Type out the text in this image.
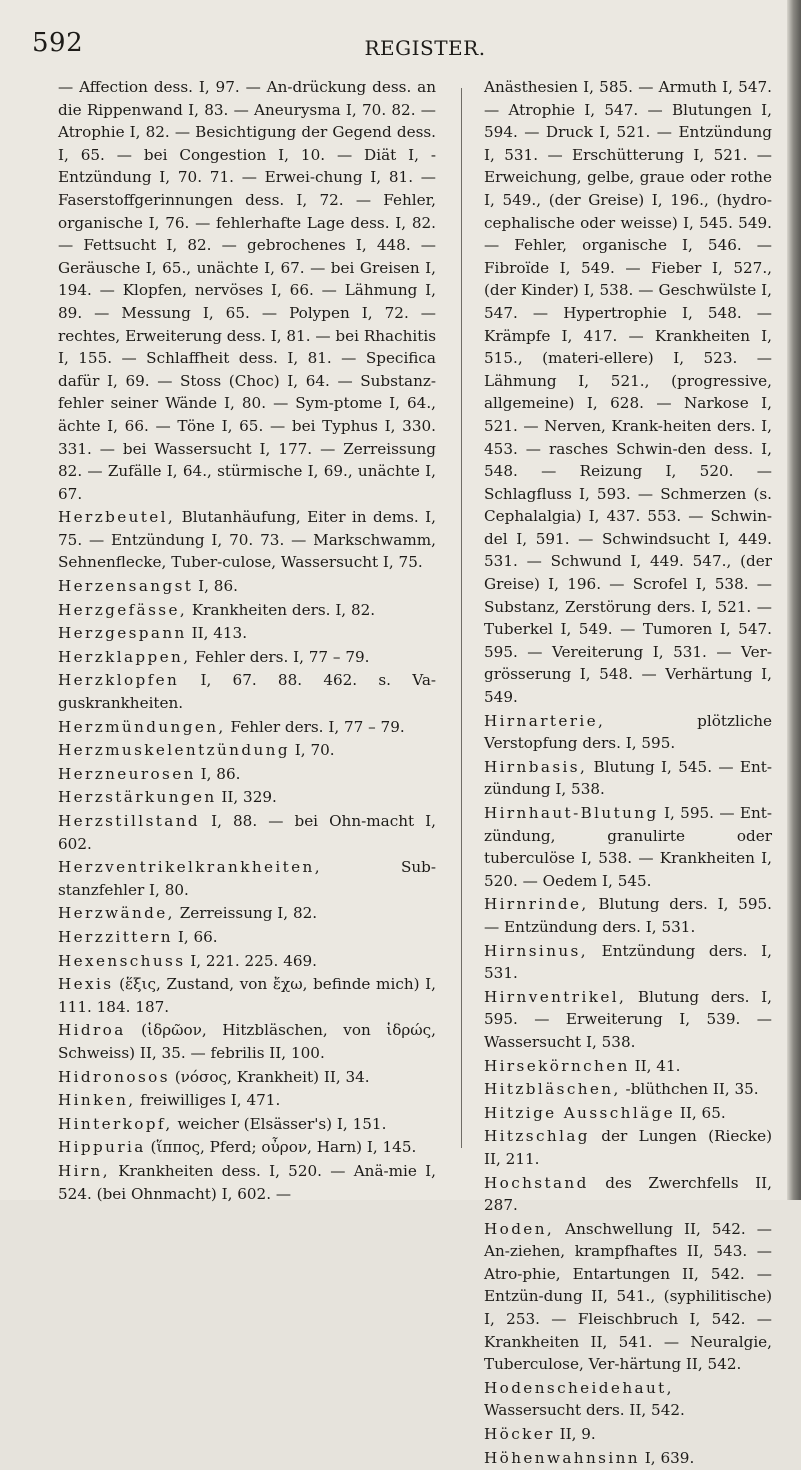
592	REGISTER.
— Affection dess. I, 97. — An-drückung dess. an die Rippenwand I, 83. — Aneurysma I, 70. 82. — Atrophie I, 82. — Besichtigung der Gegend dess. I, 65. — bei Congestion I, 10. — Diät I, - Entzündung I, 70. 71. — Erwei-chung I, 81. — Faserstoffgerinnungen dess. I, 72. — Fehler, organische I, 76. — fehlerhafte Lage dess. I, 82. — Fettsucht I, 82. — gebrochenes I, 448. — Geräusche I, 65., unächte I, 67. — bei Greisen I, 194. — Klopfen, nervöses I, 66. — Lähmung I, 89. — Messung I, 65. — Polypen I, 72. — rechtes, Erweiterung dess. I, 81. — bei Rhachitis I, 155. — Schlaffheit dess. I, 81. — Specifica dafür I, 69. — Stoss (Choc) I, 64. — Substanz-fehler seiner Wände I, 80. — Sym-ptome I, 64., ächte I, 66. — Töne I, 65. — bei Typhus I, 330. 331. — bei Wassersucht I, 177. — Zerreissung 82. — Zufälle I, 64., stürmische I, 69., unächte I, 67.
Herzbeutel, Blutanhäufung, Eiter in dems. I, 75. — Entzündung I, 70. 73. — Markschwamm, Sehnenflecke, Tuber-culose, Wassersucht I, 75.
Herzensangst I, 86.
Herzgefässe, Krankheiten ders. I, 82.
Herzgespann II, 413.
Herzklappen, Fehler ders. I, 77 – 79.
Herzklopfen I, 67. 88. 462. s. Va-guskrankheiten.
Herzmündungen, Fehler ders. I, 77 – 79.
Herzmuskelentzündung I, 70.
Herzneurosen I, 86.
Herzstärkungen II, 329.
Herzstillstand I, 88. — bei Ohn-macht I, 602.
Herzventrikelkrankheiten, Sub-stanzfehler I, 80.
Herzwände, Zerreissung I, 82.
Herzzittern I, 66.
Hexenschuss I, 221. 225. 469.
Hexis (ἕξις, Zustand, von ἔχω, befinde mich) I, 111. 184. 187.
Hidroa (ἱδρῶον, Hitzbläschen, von ἱδρώς, Schweiss) II, 35. — febrilis II, 100.
Hidronosos (νόσος, Krankheit) II, 34.
Hinken, freiwilliges I, 471.
Hinterkopf, weicher (Elsässer's) I, 151.
Hippuria (ἵππος, Pferd; οὖρον, Harn) I, 145.
Hirn, Krankheiten dess. I, 520. — Anä-mie I, 524. (bei Ohnmacht) I, 602. —
Anästhesien I, 585. — Armuth I, 547. — Atrophie I, 547. — Blutungen I, 594. — Druck I, 521. — Entzündung I, 531. — Erschütterung I, 521. — Erweichung, gelbe, graue oder rothe I, 549., (der Greise) I, 196., (hydro-cephalische oder weisse) I, 545. 549. — Fehler, organische I, 546. — Fibroïde I, 549. — Fieber I, 527., (der Kinder) I, 538. — Geschwülste I, 547. — Hypertrophie I, 548. — Krämpfe I, 417. — Krankheiten I, 515., (materi-ellere) I, 523. — Lähmung I, 521., (progressive, allgemeine) I, 628. — Narkose I, 521. — Nerven, Krank-heiten ders. I, 453. — rasches Schwin-den dess. I, 548. — Reizung I, 520. — Schlagfluss I, 593. — Schmerzen (s. Cephalalgia) I, 437. 553. — Schwin-del I, 591. — Schwindsucht I, 449. 531. — Schwund I, 449. 547., (der Greise) I, 196. — Scrofel I, 538. — Substanz, Zerstörung ders. I, 521. — Tuberkel I, 549. — Tumoren I, 547. 595. — Vereiterung I, 531. — Ver-grösserung I, 548. — Verhärtung I, 549.
Hirnarterie, plötzliche Verstopfung ders. I, 595.
Hirnbasis, Blutung I, 545. — Ent-zündung I, 538.
Hirnhaut-Blutung I, 595. — Ent-zündung, granulirte oder tuberculöse I, 538. — Krankheiten I, 520. — Oedem I, 545.
Hirnrinde, Blutung ders. I, 595. — Entzündung ders. I, 531.
Hirnsinus, Entzündung ders. I, 531.
Hirnventrikel, Blutung ders. I, 595. — Erweiterung I, 539. — Wassersucht I, 538.
Hirsekörnchen II, 41.
Hitzbläschen, -blüthchen II, 35.
Hitzige Ausschläge II, 65.
Hitzschlag der Lungen (Riecke) II, 211.
Hochstand des Zwerchfells II, 287.
Hoden, Anschwellung II, 542. — An-ziehen, krampfhaftes II, 543. — Atro-phie, Entartungen II, 542. — Entzün-dung II, 541., (syphilitische) I, 253. — Fleischbruch I, 542. — Krankheiten II, 541. — Neuralgie, Tuberculose, Ver-härtung II, 542.
Hodenscheidehaut, Wassersucht ders. II, 542.
Höcker II, 9.
Höhenwahnsinn I, 639.
